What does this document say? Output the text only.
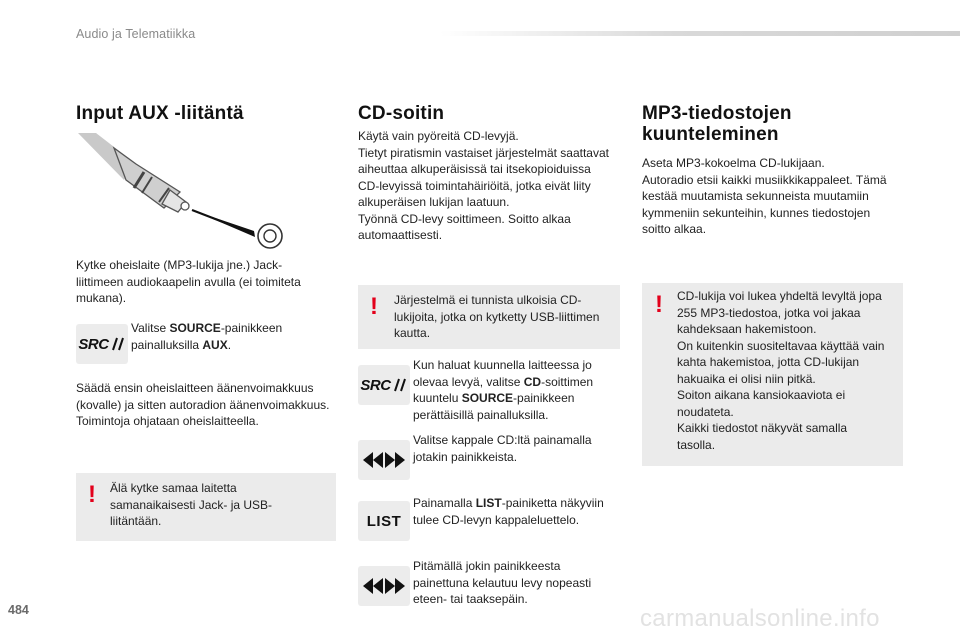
Audio ja Telematiikka
Input AUX -liitäntä
Kytke oheislaite (MP3-lukija jne.) Jack-
liittimeen audiokaapelin avulla (ei toimiteta
mukana).
SRC
Valitse SOURCE-painikkeen
painalluksilla AUX.
Säädä ensin oheislaitteen äänenvoimakkuus
(kovalle) ja sitten autoradion äänenvoimakkuus.
Toimintoja ohjataan oheislaitteella.
! Älä kytke samaa laitetta
samanaikaisesti Jack- ja USB-
liitäntään.
CD-soitin
Käytä vain pyöreitä CD-levyjä.
Tietyt piratismin vastaiset järjestelmät saattavat
aiheuttaa alkuperäisissä tai itsekopioiduissa
CD-levyissä toimintahäiriöitä, jotka eivät liity
alkuperäisen lukijan laatuun.
Työnnä CD-levy soittimeen. Soitto alkaa
automaattisesti.
! Järjestelmä ei tunnista ulkoisia CD-
lukijoita, jotka on kytketty USB-liittimen
kautta.
SRC
Kun haluat kuunnella laitteessa jo
olevaa levyä, valitse CD-soittimen
kuuntelu SOURCE-painikkeen
perättäisillä painalluksilla.
Valitse kappale CD:ltä painamalla
jotakin painikkeista.
LIST
Painamalla LIST-painiketta näkyviin
tulee CD-levyn kappaleluettelo.
Pitämällä jokin painikkeesta
painettuna kelautuu levy nopeasti
eteen- tai taaksepäin.
MP3-tiedostojen
kuunteleminen
Aseta MP3-kokoelma CD-lukijaan.
Autoradio etsii kaikki musiikkikappaleet. Tämä
kestää muutamista sekunneista muutamiin
kymmeniin sekunteihin, kunnes tiedostojen
soitto alkaa.
! CD-lukija voi lukea yhdeltä levyltä jopa
255 MP3-tiedostoa, jotka voi jakaa
kahdeksaan hakemistoon.
On kuitenkin suositeltavaa käyttää vain
kahta hakemistoa, jotta CD-lukijan
hakuaika ei olisi niin pitkä.
Soiton aikana kansiokaaviota ei
noudateta.
Kaikki tiedostot näkyvät samalla
tasolla.
484	carmanualsonline.info
